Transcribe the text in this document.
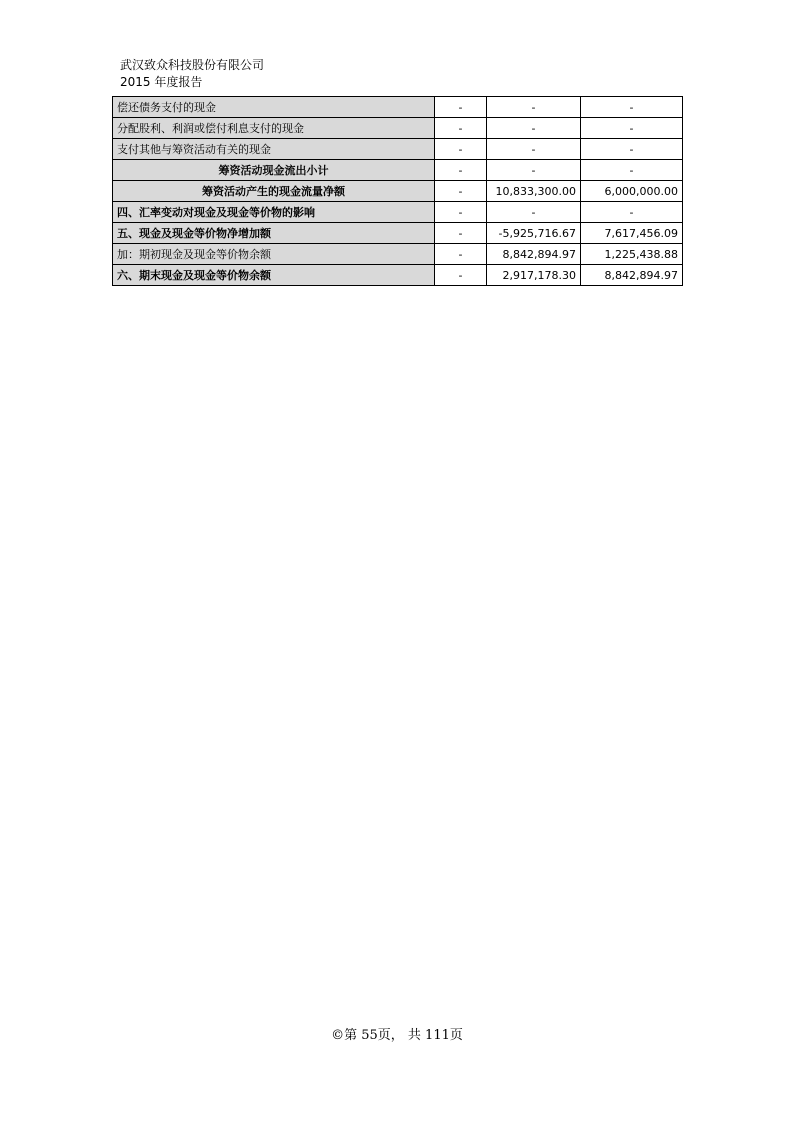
武汉致众科技股份有限公司
2015 年度报告
偿还债务支付的现金	-	-	-
分配股利、利润或偿付利息支付的现金	-	-	-
支付其他与筹资活动有关的现金	-	-	-
筹资活动现金流出小计	-	-	-
筹资活动产生的现金流量净额	-	10,833,300.00	6,000,000.00
四、汇率变动对现金及现金等价物的影响	-	-	-
五、现金及现金等价物净增加额	-	-5,925,716.67	7,617,456.09
加：期初现金及现金等价物余额	-	8,842,894.97	1,225,438.88
六、期末现金及现金等价物余额	-	2,917,178.30	8,842,894.97
©第 55页， 共 111页
